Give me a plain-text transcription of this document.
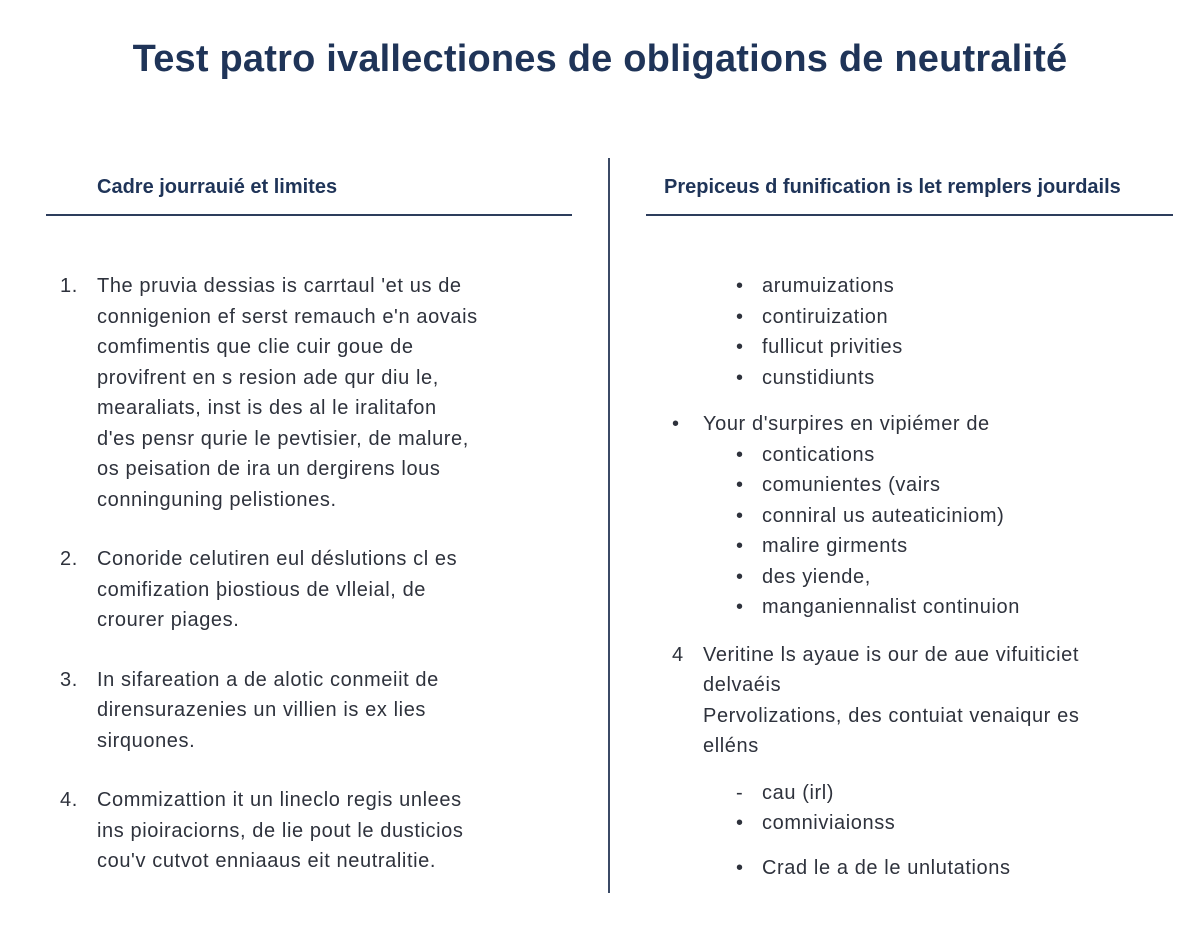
Test patro ivallectiones de obligations de neutralité
Cadre jourrauié et limites
1. The pruvia dessias is carrtaul 'et us de
connigenion ef serst remauch e'n aovais
comfimentis que clie cuir goue de
provifrent en s resion ade qur diu le,
mearaliats, inst is des al le iralitafon
d'es pensr qurie le pevtisier, de malure,
os peisation de ira un dergirens lous
conninguning pelistiones.
2. Conoride celutiren eul déslutions cl es
comifization þiostious de vlleial, de
crourer piages.
3. In sifareation a de alotic conmeiit de
dirensurazenies un villien is ex lies
sirquones.
4. Commizattion it un lineclo regis unlees
ins pioiraciorns, de lie pout le dusticios
cou'v cutvot enniaaus eit neutralitie.
Prepiceus d funification is let remplers jourdails
• arumuizations
• contiruization
• fullicut privities
• cunstidiunts
• Your d'surpires en vipiémer de
• contications
• comunientes (vairs
• conniral us auteaticiniom)
• malire girments
• des yiende,
• manganiennalist continuion
4 Veritine ls ayaue is our de aue vifuiticiet
delvaéis
Pervolizations, des contuiat venaiqur es
elléns
- cau (irl)
• comniviaionss
• Crad le a de le unlutations
